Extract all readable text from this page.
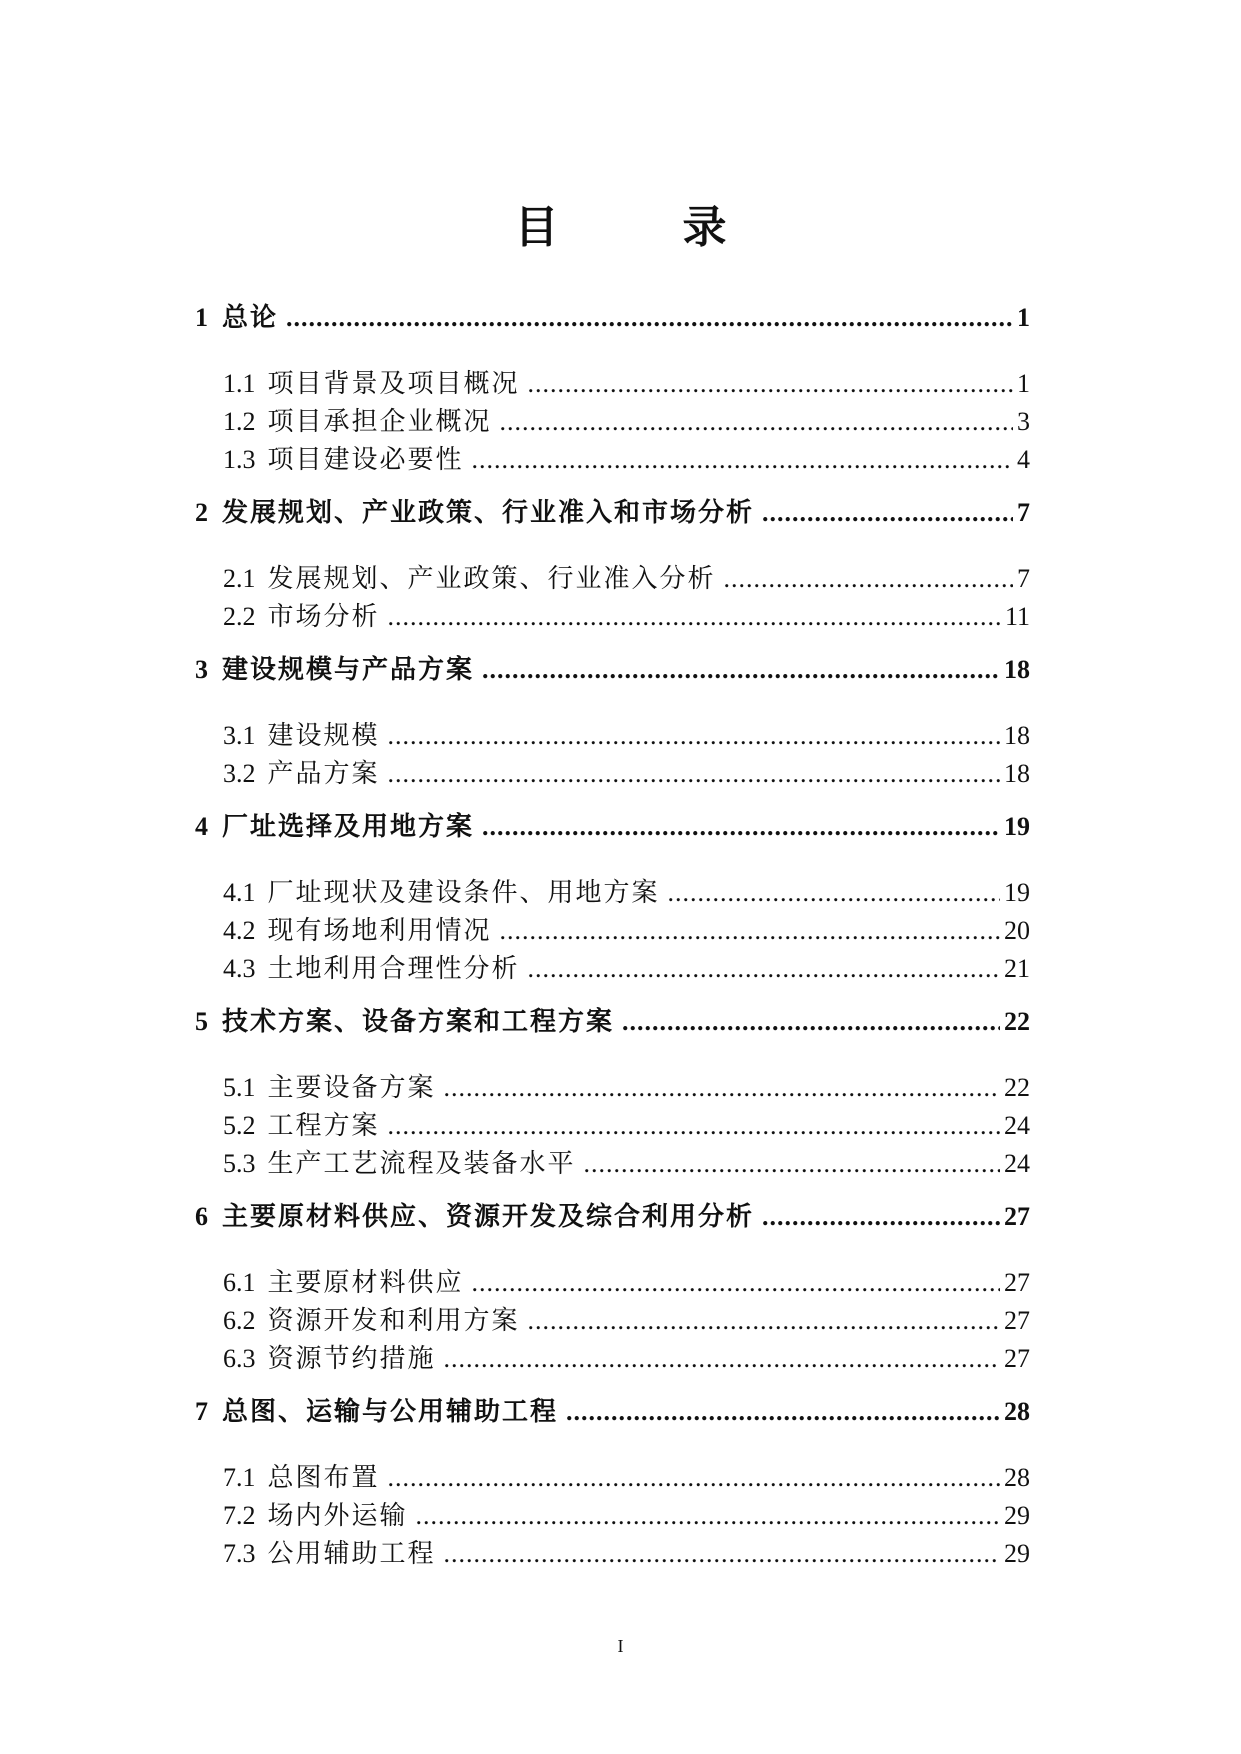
目　录
1 总论 .....	1
1.1 项目背景及项目概况 .....	1
1.2 项目承担企业概况 .....	3
1.3 项目建设必要性 .....	4
2 发展规划、产业政策、行业准入和市场分析 .....	7
2.1 发展规划、产业政策、行业准入分析 .....	7
2.2 市场分析 .....	11
3 建设规模与产品方案 .....	18
3.1 建设规模 .....	18
3.2 产品方案 .....	18
4 厂址选择及用地方案 .....	19
4.1 厂址现状及建设条件、用地方案 .....	19
4.2 现有场地利用情况 .....	20
4.3 土地利用合理性分析 .....	21
5 技术方案、设备方案和工程方案 .....	22
5.1 主要设备方案 .....	22
5.2 工程方案 .....	24
5.3 生产工艺流程及装备水平 .....	24
6 主要原材料供应、资源开发及综合利用分析 .....	27
6.1 主要原材料供应 .....	27
6.2 资源开发和利用方案 .....	27
6.3 资源节约措施 .....	27
7 总图、运输与公用辅助工程 .....	28
7.1 总图布置 .....	28
7.2 场内外运输 .....	29
7.3 公用辅助工程 .....	29
I
